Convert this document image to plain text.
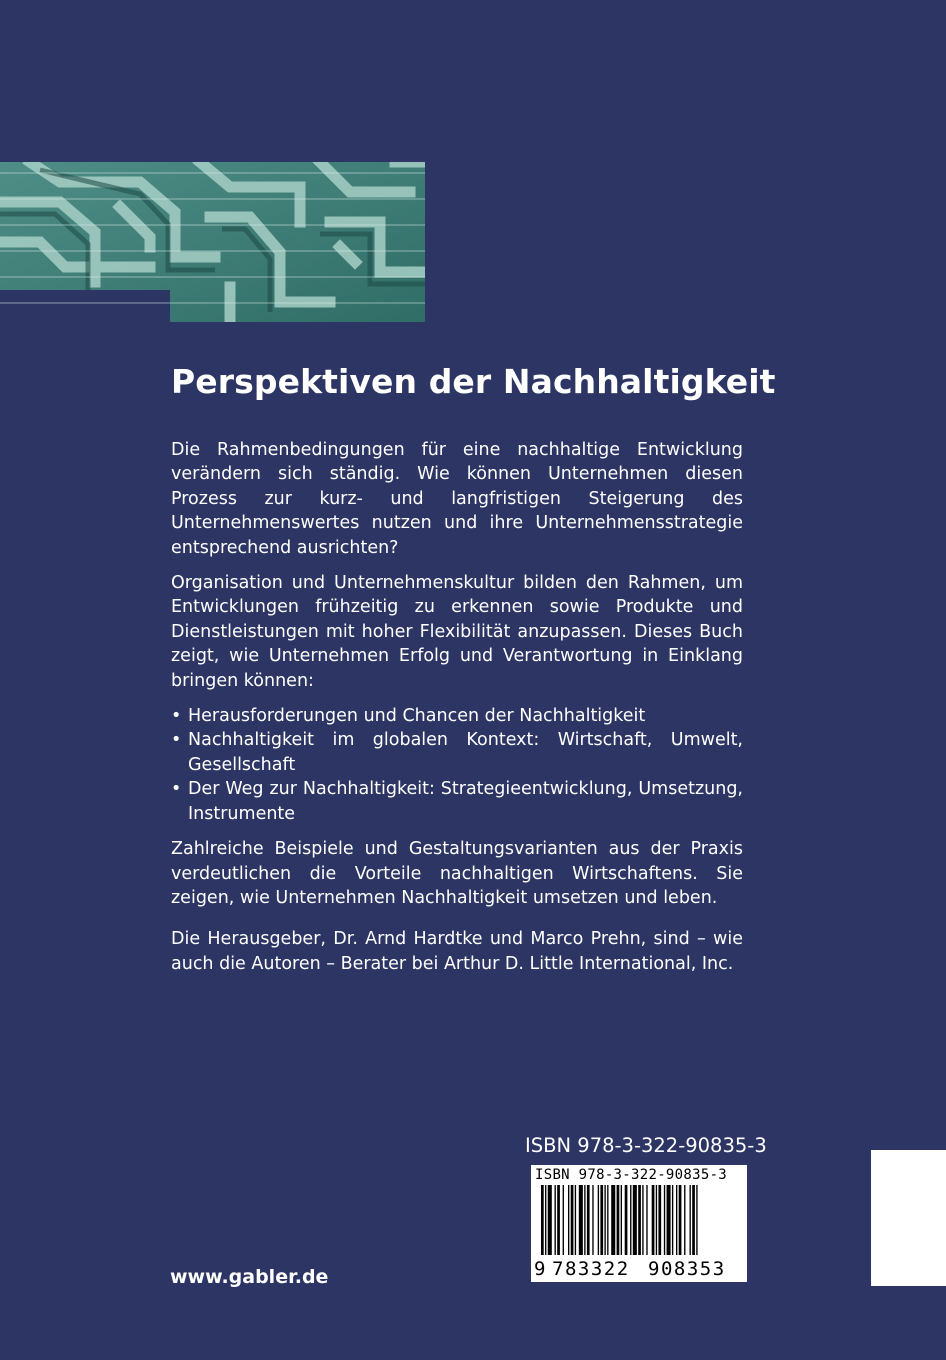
Perspektiven der Nachhaltigkeit

Die Rahmenbedingungen für eine nachhaltige Entwicklung verändern sich ständig. Wie können Unternehmen diesen Prozess zur kurz- und langfristigen Steigerung des Unternehmenswertes nutzen und ihre Unternehmensstrategie entsprechend ausrichten?

Organisation und Unternehmenskultur bilden den Rahmen, um Entwicklungen frühzeitig zu erkennen sowie Produkte und Dienstleistungen mit hoher Flexibilität anzupassen. Dieses Buch zeigt, wie Unternehmen Erfolg und Verantwortung in Einklang bringen können:

• Herausforderungen und Chancen der Nachhaltigkeit
• Nachhaltigkeit im globalen Kontext: Wirtschaft, Umwelt, Gesellschaft
• Der Weg zur Nachhaltigkeit: Strategieentwicklung, Umsetzung, Instrumente

Zahlreiche Beispiele und Gestaltungsvarianten aus der Praxis verdeutlichen die Vorteile nachhaltigen Wirtschaftens. Sie zeigen, wie Unternehmen Nachhaltigkeit umsetzen und leben.

Die Herausgeber, Dr. Arnd Hardtke und Marco Prehn, sind – wie auch die Autoren – Berater bei Arthur D. Little International, Inc.

ISBN 978-3-322-90835-3
ISBN 978-3-322-90835-3
9 783322 908353
www.gabler.de
